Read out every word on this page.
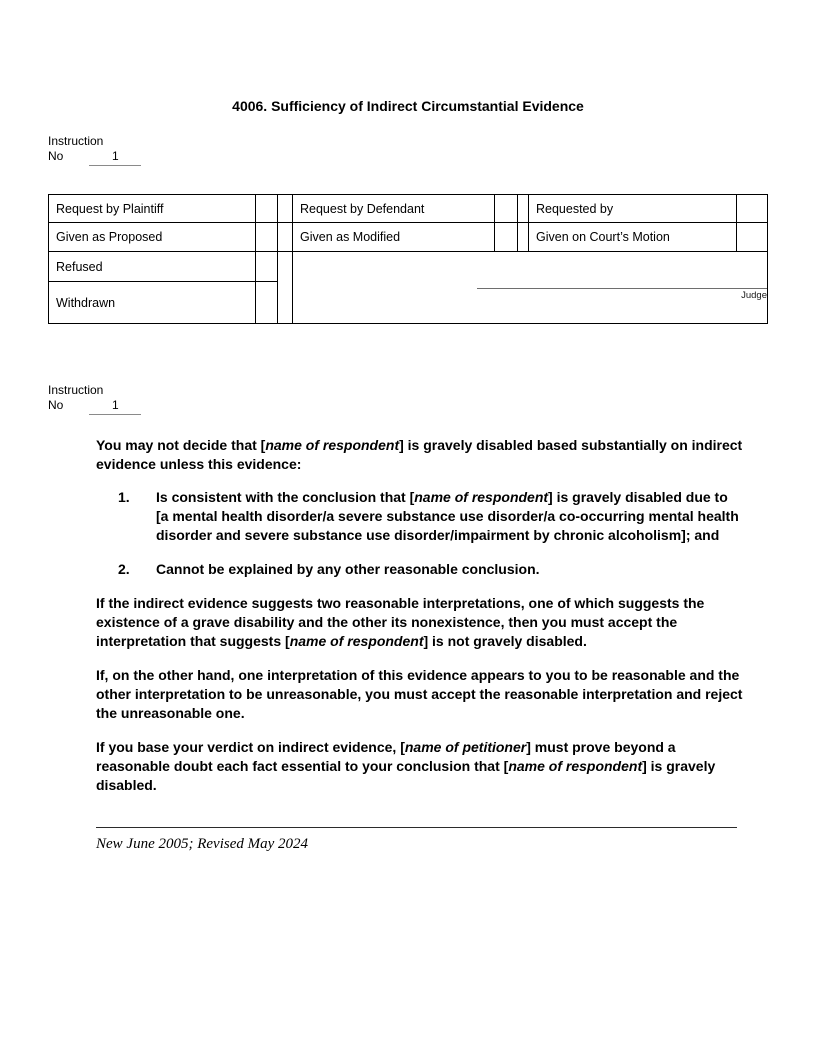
4006. Sufficiency of Indirect Circumstantial Evidence
Instruction
No	1
Request by Plaintiff			Request by Defendant			Requested by	
Given as Proposed			Given as Modified			Given on Court’s Motion	
Refused			Judge				

Withdrawn							
Instruction
No	1

You may not decide that [name of respondent] is gravely disabled based substantially on indirect evidence unless this evidence:

1.	Is consistent with the conclusion that [name of respondent] is gravely disabled due to [a mental health disorder/a severe substance use disorder/a co-occurring mental health disorder and severe substance use disorder/impairment by chronic alcoholism]; and
2.	Cannot be explained by any other reasonable conclusion.

If the indirect evidence suggests two reasonable interpretations, one of which suggests the existence of a grave disability and the other its nonexistence, then you must accept the interpretation that suggests [name of respondent] is not gravely disabled.

If, on the other hand, one interpretation of this evidence appears to you to be reasonable and the other interpretation to be unreasonable, you must accept the reasonable interpretation and reject the unreasonable one.

If you base your verdict on indirect evidence, [name of petitioner] must prove beyond a reasonable doubt each fact essential to your conclusion that [name of respondent] is gravely disabled.

New June 2005; Revised May 2024
